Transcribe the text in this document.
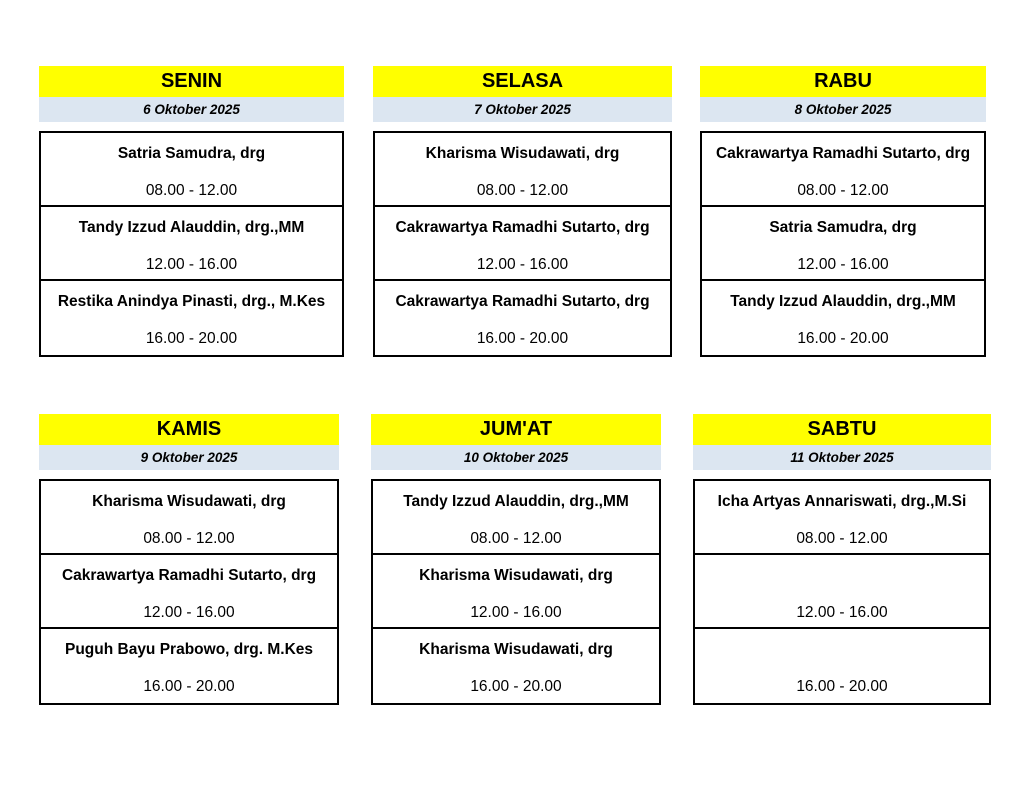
SENIN
6 Oktober 2025
Satria Samudra, drg
08.00 - 12.00
Tandy Izzud Alauddin, drg.,MM
12.00 - 16.00
Restika Anindya Pinasti, drg., M.Kes
16.00 - 20.00
SELASA
7 Oktober 2025
Kharisma Wisudawati, drg
08.00 - 12.00
Cakrawartya Ramadhi Sutarto, drg
12.00 - 16.00
Cakrawartya Ramadhi Sutarto, drg
16.00 - 20.00
RABU
8 Oktober 2025
Cakrawartya Ramadhi Sutarto, drg
08.00 - 12.00
Satria Samudra, drg
12.00 - 16.00
Tandy Izzud Alauddin, drg.,MM
16.00 - 20.00
KAMIS
9 Oktober 2025
Kharisma Wisudawati, drg
08.00 - 12.00
Cakrawartya Ramadhi Sutarto, drg
12.00 - 16.00
Puguh Bayu Prabowo, drg. M.Kes
16.00 - 20.00
JUM'AT
10 Oktober 2025
Tandy Izzud Alauddin, drg.,MM
08.00 - 12.00
Kharisma Wisudawati, drg
12.00 - 16.00
Kharisma Wisudawati, drg
16.00 - 20.00
SABTU
11 Oktober 2025
Icha Artyas Annariswati, drg.,M.Si
08.00 - 12.00
12.00 - 16.00
16.00 - 20.00
